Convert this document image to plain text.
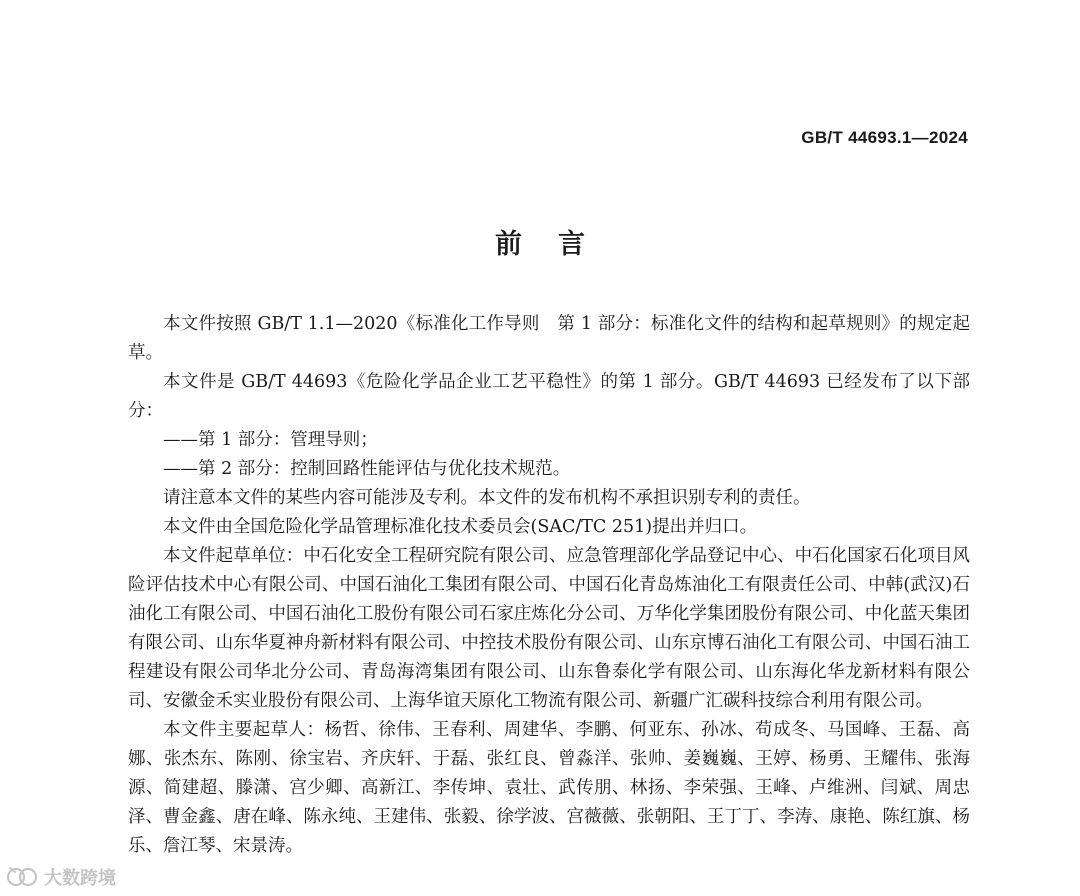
GB/T 44693.1—2024
前言

本文件按照 GB/T 1.1—2020《标准化工作导则　第 1 部分：标准化文件的结构和起草规则》的规定起草。

本文件是 GB/T 44693《危险化学品企业工艺平稳性》的第 1 部分。GB/T 44693 已经发布了以下部分：

——第 1 部分：管理导则；

——第 2 部分：控制回路性能评估与优化技术规范。

请注意本文件的某些内容可能涉及专利。本文件的发布机构不承担识别专利的责任。

本文件由全国危险化学品管理标准化技术委员会(SAC/TC 251)提出并归口。

本文件起草单位：中石化安全工程研究院有限公司、应急管理部化学品登记中心、中石化国家石化项目风险评估技术中心有限公司、中国石油化工集团有限公司、中国石化青岛炼油化工有限责任公司、中韩(武汉)石油化工有限公司、中国石油化工股份有限公司石家庄炼化分公司、万华化学集团股份有限公司、中化蓝天集团有限公司、山东华夏神舟新材料有限公司、中控技术股份有限公司、山东京博石油化工有限公司、中国石油工程建设有限公司华北分公司、青岛海湾集团有限公司、山东鲁泰化学有限公司、山东海化华龙新材料有限公司、安徽金禾实业股份有限公司、上海华谊天原化工物流有限公司、新疆广汇碳科技综合利用有限公司。

本文件主要起草人：杨哲、徐伟、王春利、周建华、李鹏、何亚东、孙冰、苟成冬、马国峰、王磊、高娜、张杰东、陈刚、徐宝岩、齐庆轩、于磊、张红良、曾淼洋、张帅、姜巍巍、王婷、杨勇、王耀伟、张海源、简建超、滕潇、宫少卿、高新江、李传坤、袁壮、武传朋、林扬、李荣强、王峰、卢维洲、闫斌、周忠泽、曹金鑫、唐在峰、陈永纯、王建伟、张毅、徐学波、宫薇薇、张朝阳、王丁丁、李涛、康艳、陈红旗、杨乐、詹江琴、宋景涛。

大数跨境
